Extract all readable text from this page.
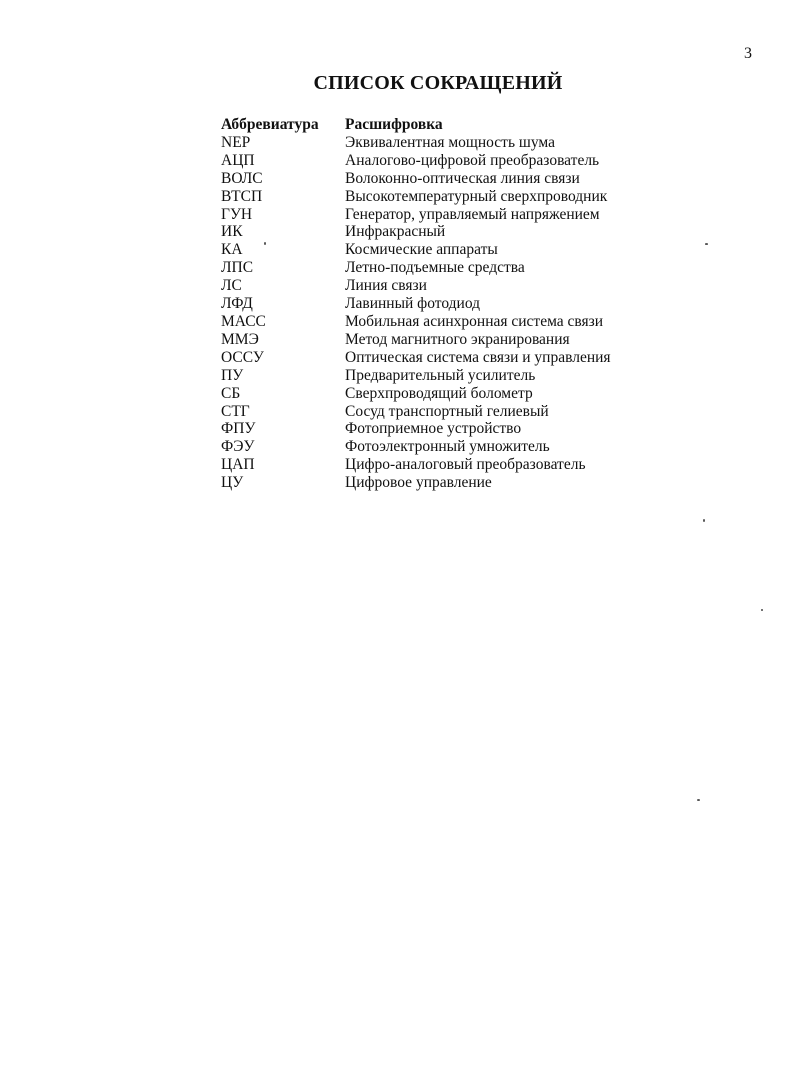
3
СПИСОК СОКРАЩЕНИЙ
Аббревиатура	Расшифровка
NEP	Эквивалентная мощность шума
АЦП	Аналогово-цифровой преобразователь
ВОЛС	Волоконно-оптическая линия связи
ВТСП	Высокотемпературный сверхпроводник
ГУН	Генератор, управляемый напряжением
ИК	Инфракрасный
КА	Космические аппараты
ЛПС	Летно-подъемные средства
ЛС	Линия связи
ЛФД	Лавинный фотодиод
МАСС	Мобильная асинхронная система связи
ММЭ	Метод магнитного экранирования
ОССУ	Оптическая система связи и управления
ПУ	Предварительный усилитель
СБ	Сверхпроводящий болометр
СТГ	Сосуд транспортный гелиевый
ФПУ	Фотоприемное устройство
ФЭУ	Фотоэлектронный умножитель
ЦАП	Цифро-аналоговый преобразователь
ЦУ	Цифровое управление
